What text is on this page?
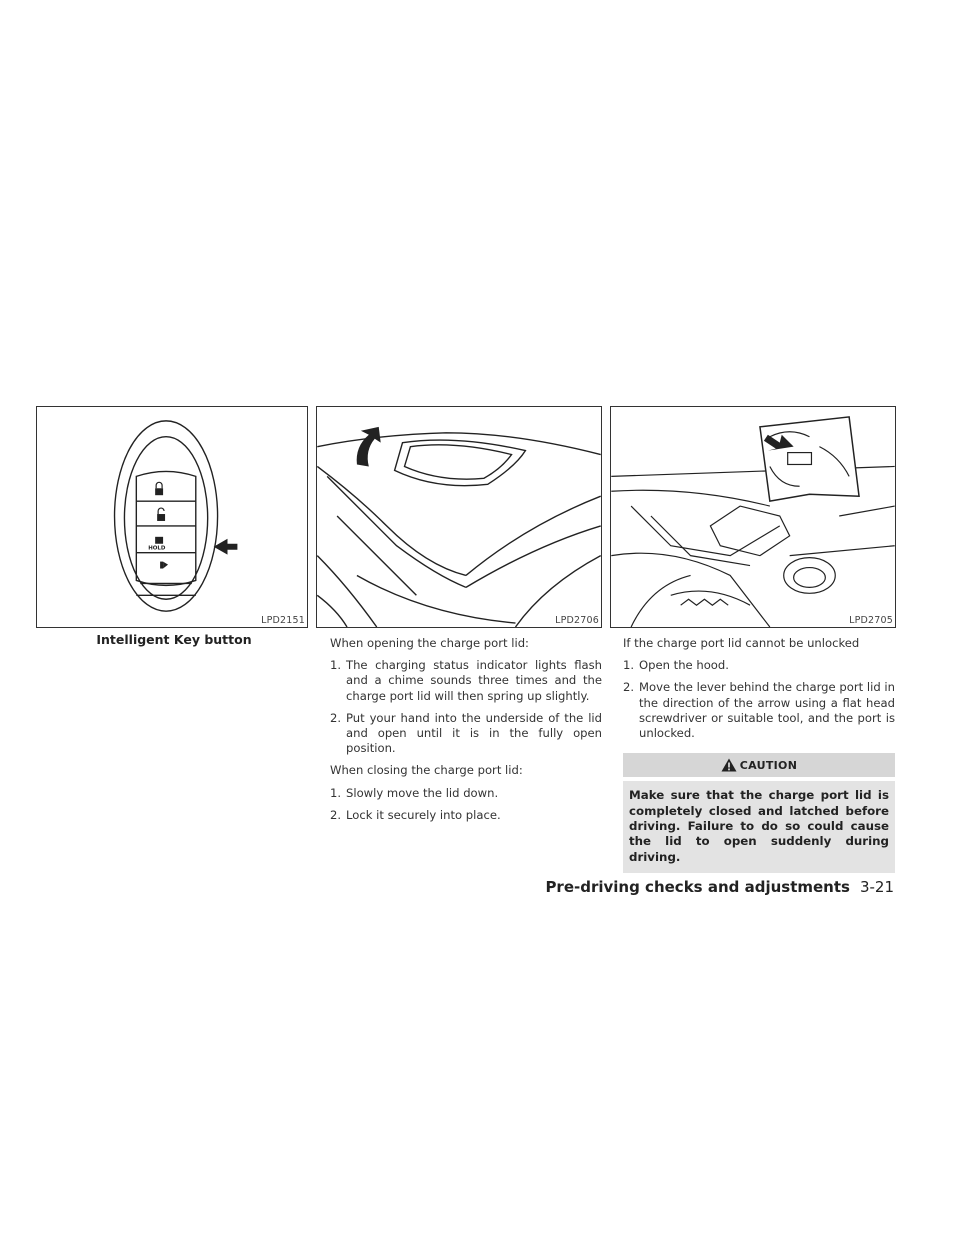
HOLD
LPD2151	LPD2706	LPD2705
Intelligent Key button	When opening the charge port lid:

1. The charging status indicator lights flash and a chime sounds three times and the charge port lid will then spring up slightly.
2. Put your hand into the underside of the lid and open until it is in the fully open position.

When closing the charge port lid:

1. Slowly move the lid down.
2. Lock it securely into place.

If the charge port lid cannot be unlocked

1. Open the hood.
2. Move the lever behind the charge port lid in the direction of the arrow using a flat head screwdriver or suitable tool, and the port is unlocked.
CAUTION
Make sure that the charge port lid is completely closed and latched before driving. Failure to do so could cause the lid to open suddenly during driving.
Pre-driving checks and adjustments 3-21
